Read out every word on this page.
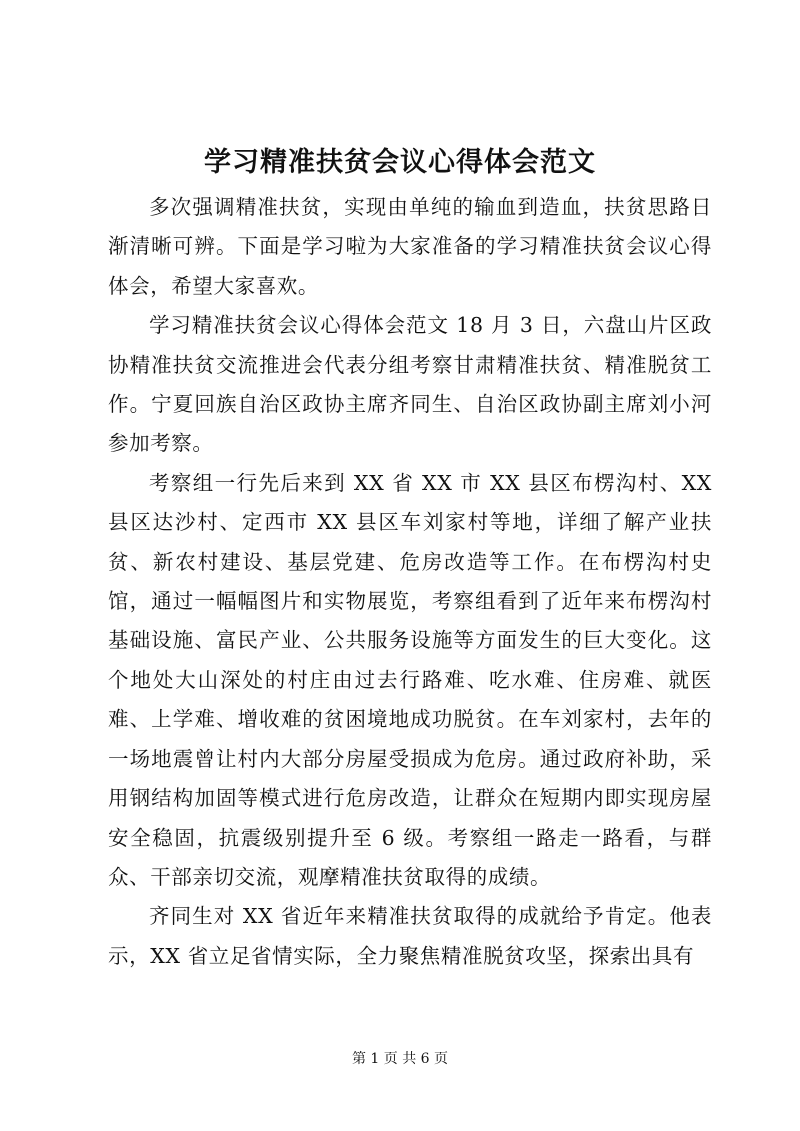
学习精准扶贫会议心得体会范文

多次强调精准扶贫，实现由单纯的输血到造血，扶贫思路日渐清晰可辨。下面是学习啦为大家准备的学习精准扶贫会议心得体会，希望大家喜欢。

学习精准扶贫会议心得体会范文 18 月 3 日，六盘山片区政协精准扶贫交流推进会代表分组考察甘肃精准扶贫、精准脱贫工作。宁夏回族自治区政协主席齐同生、自治区政协副主席刘小河参加考察。

考察组一行先后来到 XX 省 XX 市 XX 县区布楞沟村、XX 县区达沙村、定西市 XX 县区车刘家村等地，详细了解产业扶贫、新农村建设、基层党建、危房改造等工作。在布楞沟村史馆，通过一幅幅图片和实物展览，考察组看到了近年来布楞沟村基础设施、富民产业、公共服务设施等方面发生的巨大变化。这个地处大山深处的村庄由过去行路难、吃水难、住房难、就医难、上学难、增收难的贫困境地成功脱贫。在车刘家村，去年的一场地震曾让村内大部分房屋受损成为危房。通过政府补助，采用钢结构加固等模式进行危房改造，让群众在短期内即实现房屋安全稳固，抗震级别提升至 6 级。考察组一路走一路看，与群众、干部亲切交流，观摩精准扶贫取得的成绩。

齐同生对 XX 省近年来精准扶贫取得的成就给予肯定。他表示，XX 省立足省情实际，全力聚焦精准脱贫攻坚，探索出具有

第 1 页 共 6 页
